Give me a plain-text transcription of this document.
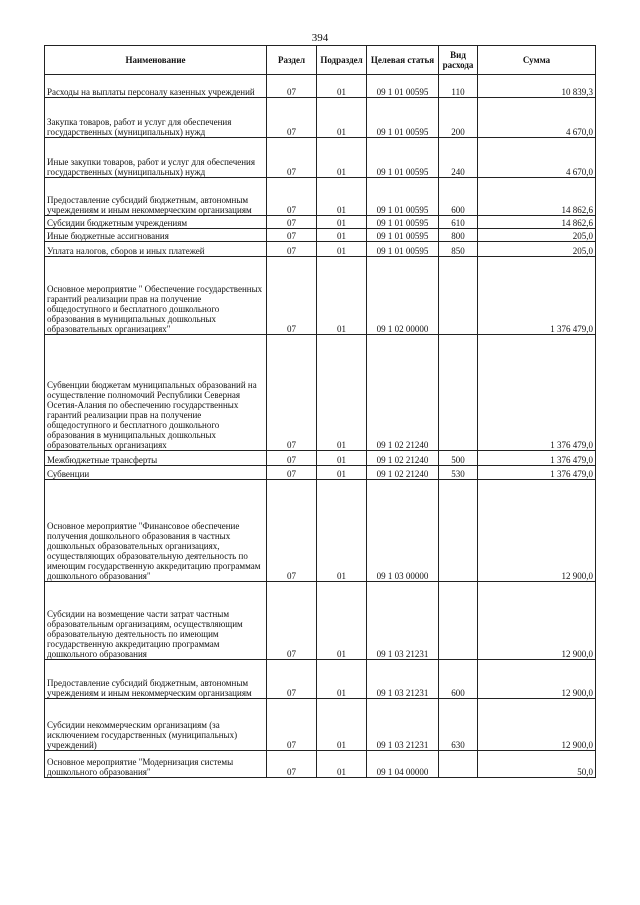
394
Наименование	Раздел	Подраздел	Целевая статья	Вид расхода	Сумма
Расходы на выплаты персоналу казенных учреждений	07	01	09 1 01 00595	110	10 839,3
Закупка товаров, работ и услуг для обеспечения государственных (муниципальных) нужд	07	01	09 1 01 00595	200	4 670,0
Иные закупки товаров, работ и услуг для обеспечения государственных (муниципальных) нужд	07	01	09 1 01 00595	240	4 670,0
Предоставление субсидий бюджетным, автономным учреждениям и иным некоммерческим организациям	07	01	09 1 01 00595	600	14 862,6
Субсидии бюджетным учреждениям	07	01	09 1 01 00595	610	14 862,6
Иные бюджетные ассигнования	07	01	09 1 01 00595	800	205,0
Уплата налогов, сборов и иных платежей	07	01	09 1 01 00595	850	205,0
Основное мероприятие " Обеспечение государственных гарантий реализации прав на получение общедоступного и бесплатного дошкольного образования в муниципальных дошкольных образовательных организациях"	07	01	09 1 02 00000		1 376 479,0
Субвенции бюджетам муниципальных образований на осуществление полномочий Республики Северная Осетия-Алания по обеспечению государственных гарантий реализации прав на получение общедоступного и бесплатного дошкольного образования в муниципальных дошкольных образовательных организациях	07	01	09 1 02 21240		1 376 479,0
Межбюджетные трансферты	07	01	09 1 02 21240	500	1 376 479,0
Субвенции	07	01	09 1 02 21240	530	1 376 479,0
Основное мероприятие "Финансовое обеспечение получения дошкольного образования в частных дошкольных образовательных организациях, осуществляющих образовательную деятельность по имеющим государственную аккредитацию программам дошкольного образования"	07	01	09 1 03 00000		12 900,0
Субсидии на возмещение части затрат частным образовательным организациям, осуществляющим образовательную деятельность по имеющим государственную аккредитацию программам дошкольного образования	07	01	09 1 03 21231		12 900,0
Предоставление субсидий бюджетным, автономным учреждениям и иным некоммерческим организациям	07	01	09 1 03 21231	600	12 900,0
Субсидии некоммерческим организациям (за исключением государственных (муниципальных) учреждений)	07	01	09 1 03 21231	630	12 900,0
Основное мероприятие "Модернизация системы дошкольного образования"	07	01	09 1 04 00000		50,0
